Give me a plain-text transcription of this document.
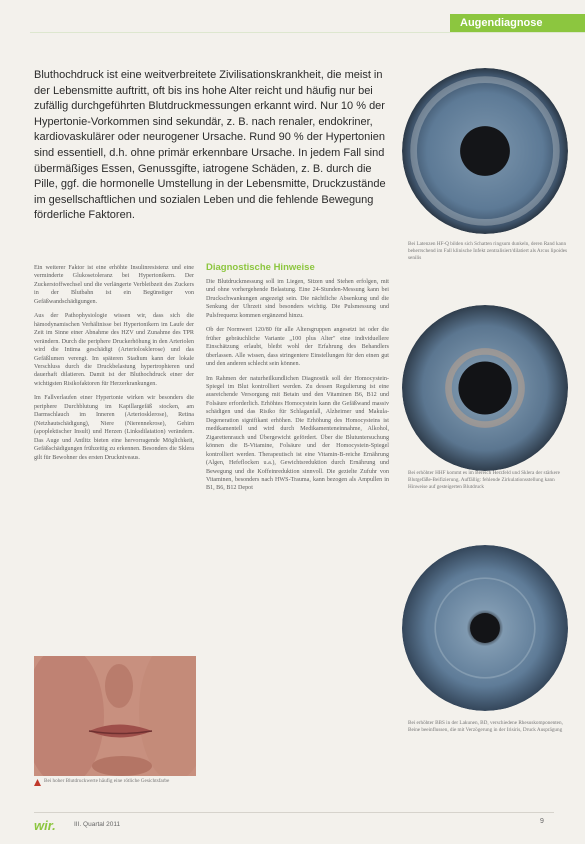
Augendiagnose

Bluthochdruck ist eine weitverbreitete Zivilisationskrankheit, die meist in der Lebensmitte auftritt, oft bis ins hohe Alter reicht und häufig nur bei zufällig durchgeführten Blutdruckmessungen erkannt wird. Nur 10 % der Hypertonie-Vorkommen sind sekundär, z. B. nach renaler, endokriner, kardiovaskulärer oder neurogener Ursache. Rund 90 % der Hypertonien sind essentiell, d.h. ohne primär erkennbare Ursache. In jedem Fall sind übermäßiges Essen, Genussgifte, iatrogene Schäden, z. B. durch die Pille, ggf. die hormonelle Umstellung in der Lebensmitte, Druckzustände im gesellschaftlichen und sozialen Leben und die fehlende Bewegung förderliche Faktoren.

Ein weiterer Faktor ist eine erhöhte Insulinresistenz und eine verminderte Glukosetoleranz bei Hypertonikern. Der Zuckerstoffwechsel und die verlängerte Verbleibzeit des Zuckers in der Blutbahn ist ein Begünstiger von Gefäßwandschädigungen.

Aus der Pathophysiologie wissen wir, dass sich die hämodynamischen Verhältnisse bei Hypertonikern im Laufe der Zeit im Sinne einer Abnahme des HZV und Zunahme des TPR verändern. Durch die periphere Druckerhöhung in den Arteriolen wird die Intima geschädigt (Arteriolosklerose) und das Gefäßlumen verengt. Im späteren Stadium kann der lokale Verschluss durch die Druckbelastung hypertrophieren und dauerhaft dilatieren. Damit ist der Bluthochdruck einer der wichtigsten Risikofaktoren für Herzerkrankungen.

Im Fallverlaufen einer Hypertonie wirken wir besonders die periphere Durchblutung im Kapillargefäß stocken, am Darmschlauch im Inneren (Arteriosklerose), Retina (Netzhautschädigung), Niere (Nierennekrose), Gehirn (apoplektischer Insult) und Herzen (Linksdilatation) verändern. Das Auge und Antlitz bieten eine hervorragende Möglichkeit, Gefäßschädigungen frühzeitig zu erkennen. Besonders die Sklera gilt für Bewohner des ersten Druckniveaus.

Diagnostische Hinweise

Die Blutdruckmessung soll im Liegen, Sitzen und Stehen erfolgen, mit und ohne vorhergehende Belastung. Eine 24-Stunden-Messung kann bei Druckschwankungen angezeigt sein. Die nächtliche Absenkung und die Senkung der Uhrzeit sind besonders wichtig. Die Pulsmessung und Pulsfrequenz kommen ergänzend hinzu.

Ob der Normwert 120/80 für alle Altersgruppen angesetzt ist oder die früher gebräuchliche Variante „100 plus Alter" eine individuellere Einschätzung erlaubt, bleibt wohl der Erfahrung des Behandlers überlassen. Alle wissen, dass stringentere Einstellungen für den einen gut und den anderen schlecht sein können.

Im Rahmen der naturheilkundlichen Diagnostik soll der Homocystein-Spiegel im Blut kontrolliert werden. Zu dessen Regulierung ist eine ausreichende Versorgung mit Betain und den Vitaminen B6, B12 und Folsäure erforderlich. Erhöhtes Homocystein kann die Gefäßwand massiv schädigen und das Risiko für Schlaganfall, Alzheimer und Makula-Degeneration signifikant erhöhen. Die Erhöhung des Homocysteins ist medikamentell und wird durch Medikamenteneinnahme, Alkohol, Zigarettenrauch und Übergewicht gefördert. Über die Blutuntersuchung können die B-Vitamine, Folsäure und der Homocystein-Spiegel kontrolliert werden. Therapeutisch ist eine Vitamin-B-reiche Ernährung (Algen, Hefeflocken u.a.), Gewichtsreduktion durch Ernährung und Bewegung und die Koffeinreduktion sinnvoll. Die gezielte Zufuhr von Vitaminen, besonders nach HWS-Trauma, kann bezogen als Ampullen in B1, B6, B12 Depot

Bei hoher Blutdruckwerte häufig eine rötliche Gesichtsfarbe
Bei Latenzen HF-Q bilden sich Schatten ringsum dunkeln, deren Rand kann beherrschend im Fall klinische Infekt zentralisiert/dilatiert als Arcus lipoides senilis
Bei erhöhter HHF kommt es im Bereich Herzfeld und Sklera der stärkere Blutgefäße-Beifizierung. Auffällig: fehlende Zirkulationsstellung kann Hinweise auf gesteigerten Blutdruck
Bei erhöhter BBS in der Lakunen, BD, verschiedene Rhesuskomponenten, Beine beeinflussen, die mit Verzögerung in der Irisiris, Druck Ausprägung
wir.	III. Quartal 2011	9
